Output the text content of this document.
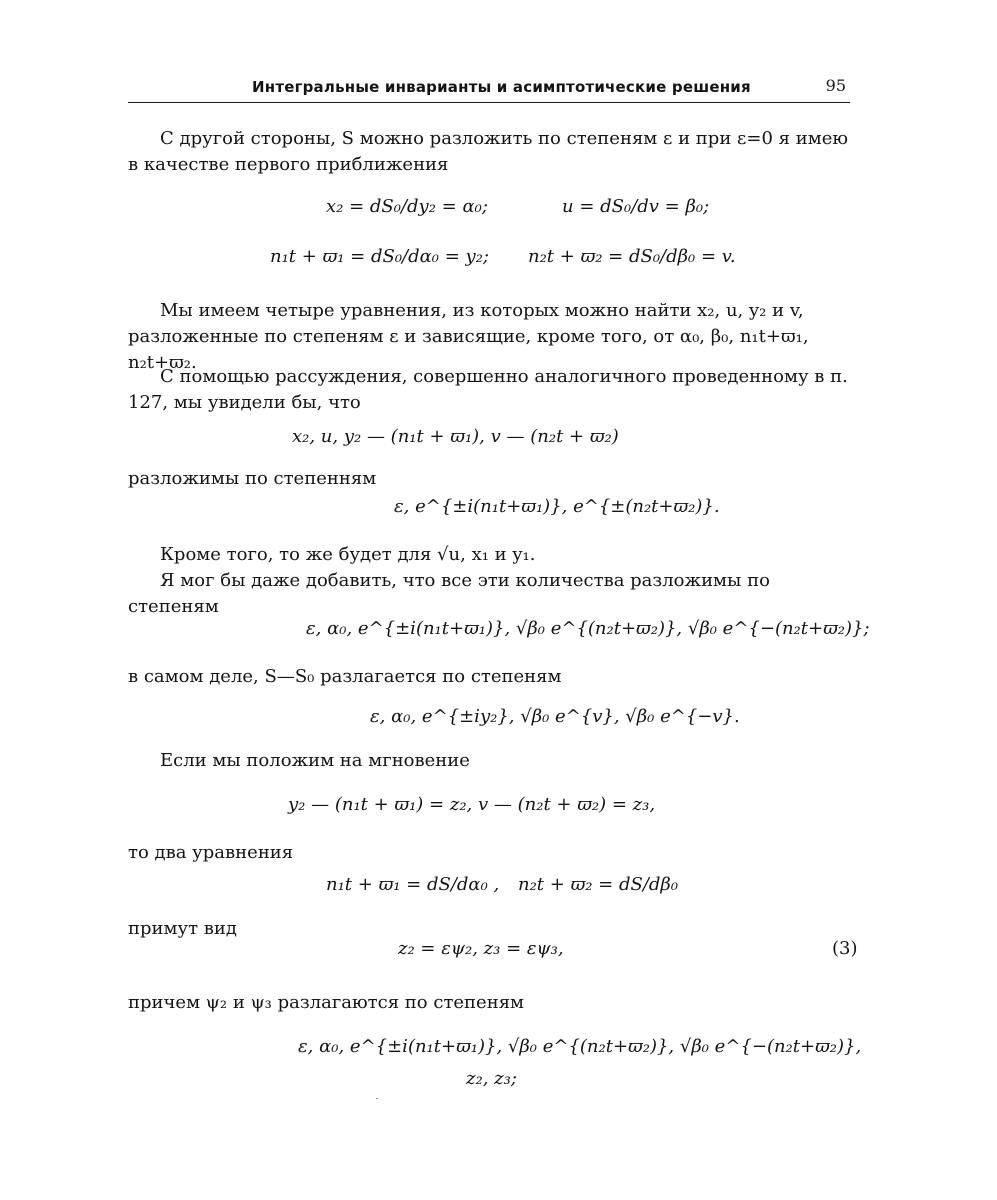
Интегральные инварианты и асимптотические решения	95
С другой стороны, S можно разложить по степеням ε и при ε=0 я имею в качестве первого приближения
x₂ = dS₀/dy₂ = α₀;	u = dS₀/dv = β₀;
n₁t + ϖ₁ = dS₀/dα₀ = y₂; n₂t + ϖ₂ = dS₀/dβ₀ = v.
Мы имеем четыре уравнения, из которых можно найти x₂, u, y₂ и v, разложенные по степеням ε и зависящие, кроме того, от α₀, β₀, n₁t+ϖ₁, n₂t+ϖ₂.
С помощью рассуждения, совершенно аналогичного проведенному в п. 127, мы увидели бы, что
x₂, u, y₂ — (n₁t + ϖ₁), v — (n₂t + ϖ₂)
разложимы по степенням
ε, e^{±i(n₁t+ϖ₁)}, e^{±(n₂t+ϖ₂)}.
Кроме того, то же будет для √u, x₁ и y₁.
Я мог бы даже добавить, что все эти количества разложимы по степеням
ε, α₀, e^{±i(n₁t+ϖ₁)}, √β₀ e^{(n₂t+ϖ₂)}, √β₀ e^{−(n₂t+ϖ₂)};
в самом деле, S—S₀ разлагается по степеням
ε, α₀, e^{±iy₂}, √β₀ e^{v}, √β₀ e^{−v}.
Если мы положим на мгновение
y₂ — (n₁t + ϖ₁) = z₂, v — (n₂t + ϖ₂) = z₃,
то два уравнения
n₁t + ϖ₁ = dS/dα₀ , n₂t + ϖ₂ = dS/dβ₀
примут вид
z₂ = εψ₂, z₃ = εψ₃,	(3)
причем ψ₂ и ψ₃ разлагаются по степеням
ε, α₀, e^{±i(n₁t+ϖ₁)}, √β₀ e^{(n₂t+ϖ₂)}, √β₀ e^{−(n₂t+ϖ₂)},
z₂, z₃;
